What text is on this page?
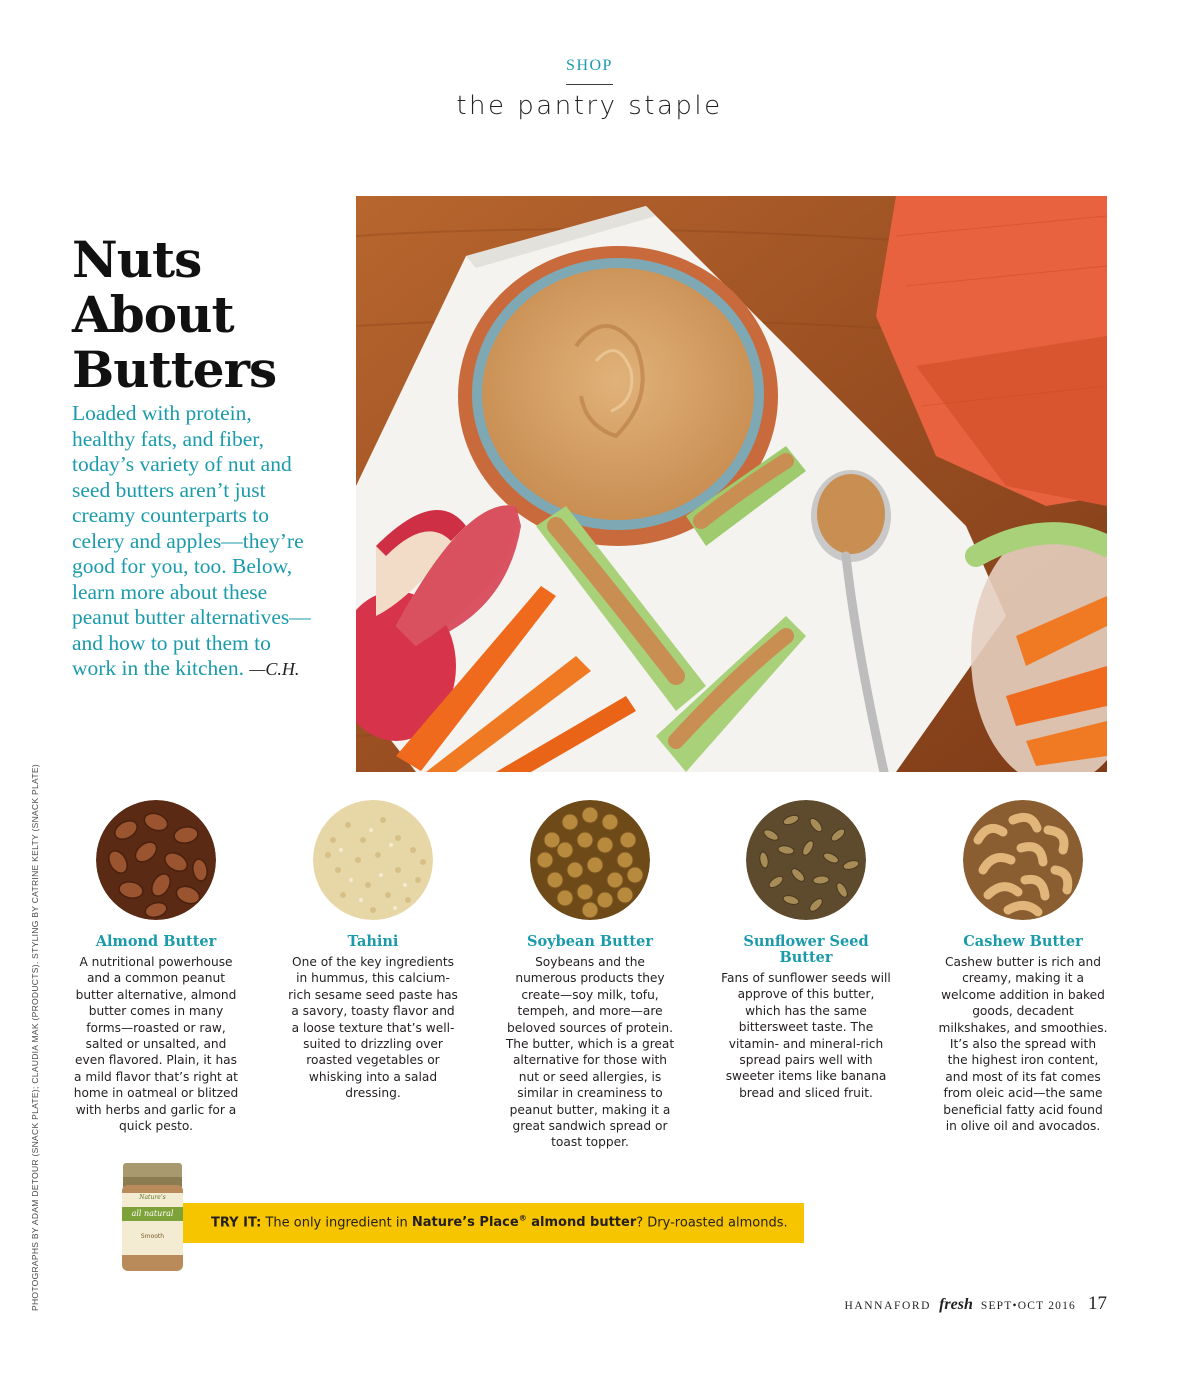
SHOP
the pantry staple
Nuts
About
Butters

Loaded with protein, healthy fats, and fiber, today’s variety of nut and seed butters aren’t just creamy counterparts to celery and apples—they’re good for you, too. Below, learn more about these peanut butter alternatives—and how to put them to work in the kitchen. —C.H.

PHOTOGRAPHS BY ADAM DETOUR (SNACK PLATE); CLAUDIA MAK (PRODUCTS). STYLING BY CATRINE KELTY (SNACK PLATE)	Almond Butter

A nutritional powerhouse and a common peanut butter alternative, almond butter comes in many forms—roasted or raw, salted or unsalted, and even flavored. Plain, it has a mild flavor that’s right at home in oatmeal or blitzed with herbs and garlic for a quick pesto.

Tahini

One of the key ingredients in hummus, this calcium-rich sesame seed paste has a savory, toasty flavor and a loose texture that’s well-suited to drizzling over roasted vegetables or whisking into a salad dressing.

Soybean Butter

Soybeans and the numerous products they create—soy milk, tofu, tempeh, and more—are beloved sources of protein. The butter, which is a great alternative for those with nut or seed allergies, is similar in creaminess to peanut butter, making it a great sandwich spread or toast topper.

Sunflower Seed Butter

Fans of sunflower seeds will approve of this butter, which has the same bittersweet taste. The vitamin- and mineral-rich spread pairs well with sweeter items like banana bread and sliced fruit.

Cashew Butter

Cashew butter is rich and creamy, making it a welcome addition in baked goods, decadent milkshakes, and smoothies. It’s also the spread with the highest iron content, and most of its fat comes from oleic acid—the same beneficial fatty acid found in olive oil and avocados.

Nature’s
all natural
Smooth
TRY IT: The only ingredient in Nature’s Place® almond butter? Dry-roasted almonds.
HANNAFORD fresh SEPT•OCT 2016 17
